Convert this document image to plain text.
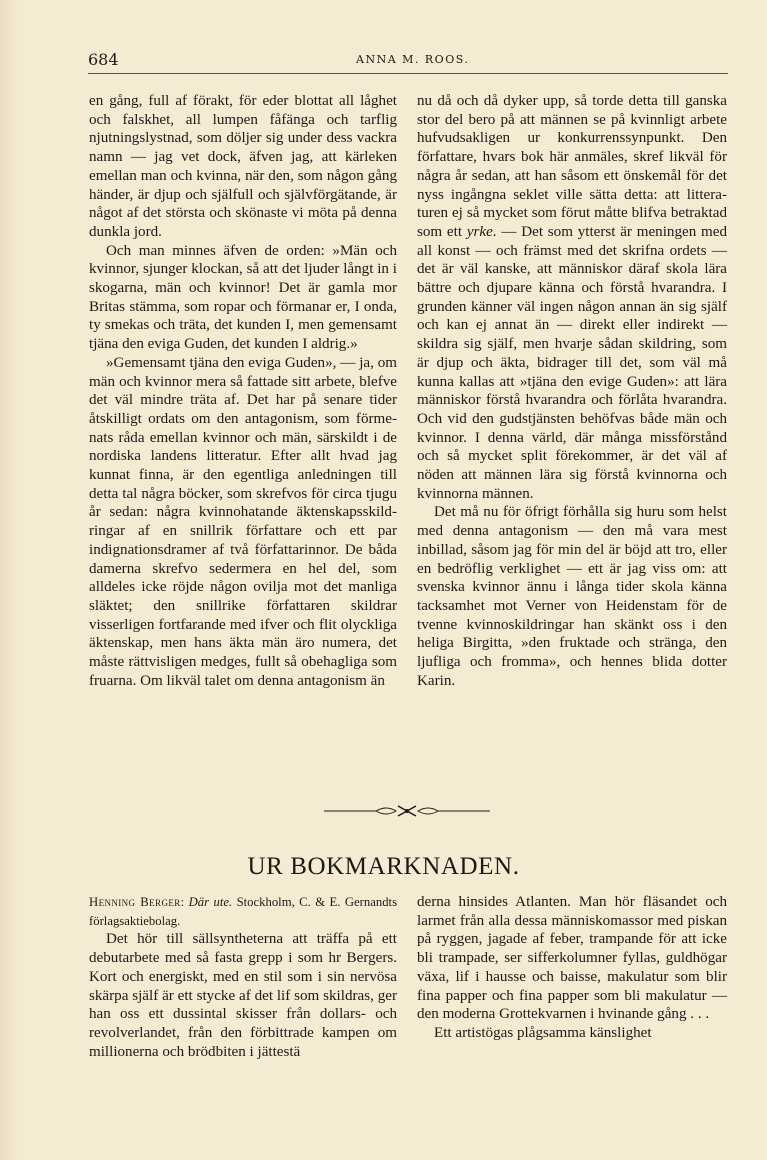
684	ANNA M. ROOS.

en gång, full af förakt, för eder blottat all låghet och falskhet, all lumpen fåfänga och tarflig njutningslystnad, som döljer sig under dess vackra namn — jag vet dock, äfven jag, att kärleken emellan man och kvinna, när den, som någon gång händer, är djup och själfull och självförgätande, är något af det största och skönaste vi möta på denna dunkla jord.

Och man minnes äfven de orden: »Män och kvinnor, sjunger klockan, så att det ljuder långt in i skogarna, män och kvinnor! Det är gamla mor Britas stämma, som ropar och förmanar er, I onda, ty smekas och träta, det kunden I, men gemensamt tjäna den eviga Guden, det kunden I aldrig.»

»Gemensamt tjäna den eviga Guden», — ja, om män och kvinnor mera så fattade sitt arbete, blefve det väl mindre träta af. Det har på senare tider åtskilligt ordats om den antagonism, som förmenats råda emellan kvinnor och män, särskildt i de nordiska landens litteratur. Efter allt hvad jag kunnat finna, är den egentliga anledningen till detta tal några böcker, som skrefvos för circa tjugu år sedan: några kvinnohatande äktenskapsskildringar af en snillrik författare och ett par indignationsdramer af två författarinnor. De båda damerna skrefvo sedermera en hel del, som alldeles icke röjde någon ovilja mot det manliga släktet; den snillrike författaren skildrar visserligen fortfarande med ifver och flit olyckliga äktenskap, men hans äkta män äro numera, det måste rättvisligen medges, fullt så obehagliga som fruarna. Om likväl talet om denna antagonism än

nu då och då dyker upp, så torde detta till ganska stor del bero på att männen se på kvinnligt arbete hufvudsakligen ur konkurrenssynpunkt. Den författare, hvars bok här anmäles, skref likväl för några år sedan, att han såsom ett önskemål för det nyss ingångna seklet ville sätta detta: att litteraturen ej så mycket som förut måtte blifva betraktad som ett yrke. — Det som ytterst är meningen med all konst — och främst med det skrifna ordets — det är väl kanske, att människor däraf skola lära bättre och djupare känna och förstå hvarandra. I grunden känner väl ingen någon annan än sig själf och kan ej annat än — direkt eller indirekt — skildra sig själf, men hvarje sådan skildring, som är djup och äkta, bidrager till det, som väl må kunna kallas att »tjäna den evige Guden»: att lära människor förstå hvarandra och förlåta hvarandra. Och vid den gudstjänsten behöfvas både män och kvinnor. I denna värld, där många missförstånd och så mycket split förekommer, är det väl af nöden att männen lära sig förstå kvinnorna och kvinnorna männen.

Det må nu för öfrigt förhålla sig huru som helst med denna antagonism — den må vara mest inbillad, såsom jag för min del är böjd att tro, eller en bedröflig verklighet — ett är jag viss om: att svenska kvinnor ännu i långa tider skola känna tacksamhet mot Verner von Heidenstam för de tvenne kvinnoskildringar han skänkt oss i den heliga Birgitta, »den fruktade och stränga, den ljufliga och fromma», och hennes blida dotter Karin.

UR BOKMARKNADEN.

Henning Berger: Där ute. Stockholm, C. & E. Gernandts förlagsaktiebolag.

Det hör till sällsyntheterna att träffa på ett debutarbete med så fasta grepp i som hr Bergers. Kort och energiskt, med en stil som i sin nervösa skärpa själf är ett stycke af det lif som skildras, ger han oss ett dussintal skisser från dollars- och revolverlandet, från den förbittrade kampen om millionerna och brödbiten i jättestä

derna hinsides Atlanten. Man hör fläsandet och larmet från alla dessa människomassor med piskan på ryggen, jagade af feber, trampande för att icke bli trampade, ser sifferkolumner fyllas, guldhögar växa, lif i hausse och baisse, makulatur som blir fina papper och fina papper som bli makulatur — den moderna Grottekvarnen i hvinande gång . . .

Ett artistögas plågsamma känslighet
